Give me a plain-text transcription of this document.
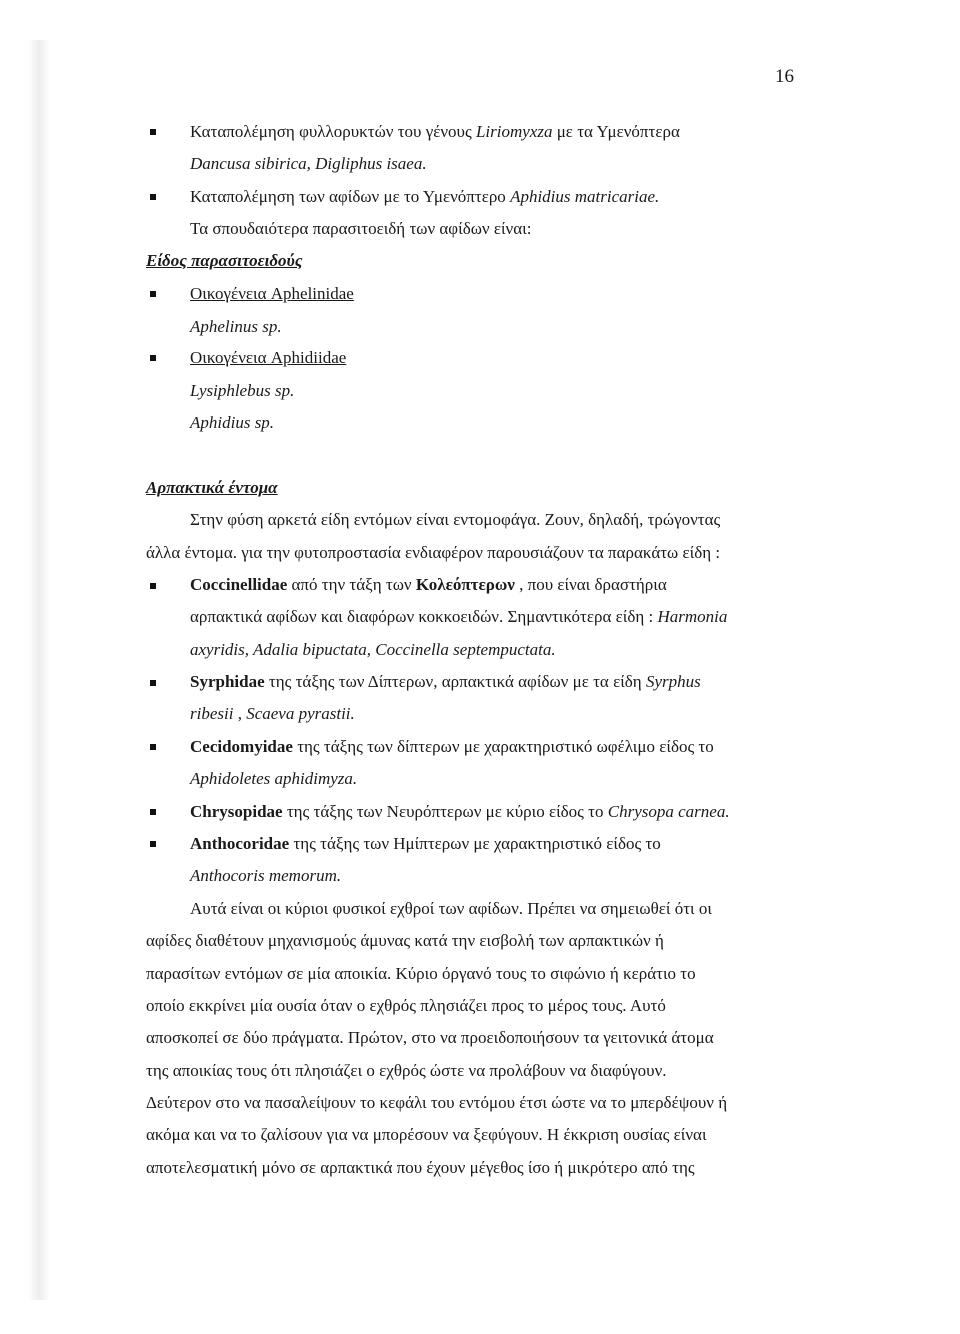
16
Καταπολέμηση φυλλορυκτών του γένους Liriomyxza με τα Υμενόπτερα
Dancusa sibirica, Digliphus isaea.
Καταπολέμηση των αφίδων με το Υμενόπτερο Aphidius matricariae.
Τα σπουδαιότερα παρασιτοειδή των αφίδων είναι:
Είδος παρασιτοειδούς
Οικογένεια Aphelinidae
Aphelinus sp.
Οικογένεια Aphidiidae
Lysiphlebus sp.
Aphidius sp.
Αρπακτικά έντομα
Στην φύση αρκετά είδη εντόμων είναι εντομοφάγα. Ζουν, δηλαδή, τρώγοντας
άλλα έντομα. για την φυτοπροστασία ενδιαφέρον παρουσιάζουν τα παρακάτω είδη :
Coccinellidae από την τάξη των Κολεόπτερων , που είναι δραστήρια
αρπακτικά αφίδων και διαφόρων κοκκοειδών. Σημαντικότερα είδη : Harmonia
axyridis, Adalia bipuctata, Coccinella septempuctata.
Syrphidae της τάξης των Δίπτερων, αρπακτικά αφίδων με τα είδη Syrphus
ribesii , Scaeva pyrastii.
Cecidomyidae της τάξης των δίπτερων με χαρακτηριστικό ωφέλιμο είδος το
Aphidoletes aphidimyza.
Chrysopidae της τάξης των Νευρόπτερων με κύριο είδος το Chrysopa carnea.
Anthocoridae της τάξης των Ημίπτερων με χαρακτηριστικό είδος το
Anthocoris memorum.
Αυτά είναι οι κύριοι φυσικοί εχθροί των αφίδων. Πρέπει να σημειωθεί ότι οι
αφίδες διαθέτουν μηχανισμούς άμυνας κατά την εισβολή των αρπακτικών ή
παρασίτων εντόμων σε μία αποικία. Κύριο όργανό τους το σιφώνιο ή κεράτιο το
οποίο εκκρίνει μία ουσία όταν ο εχθρός πλησιάζει προς το μέρος τους. Αυτό
αποσκοπεί σε δύο πράγματα. Πρώτον, στο να προειδοποιήσουν τα γειτονικά άτομα
της αποικίας τους ότι πλησιάζει ο εχθρός ώστε να προλάβουν να διαφύγουν.
Δεύτερον στο να πασαλείψουν το κεφάλι του εντόμου έτσι ώστε να το μπερδέψουν ή
ακόμα και να το ζαλίσουν για να μπορέσουν να ξεφύγουν. Η έκκριση ουσίας είναι
αποτελεσματική μόνο σε αρπακτικά που έχουν μέγεθος ίσο ή μικρότερο από της
